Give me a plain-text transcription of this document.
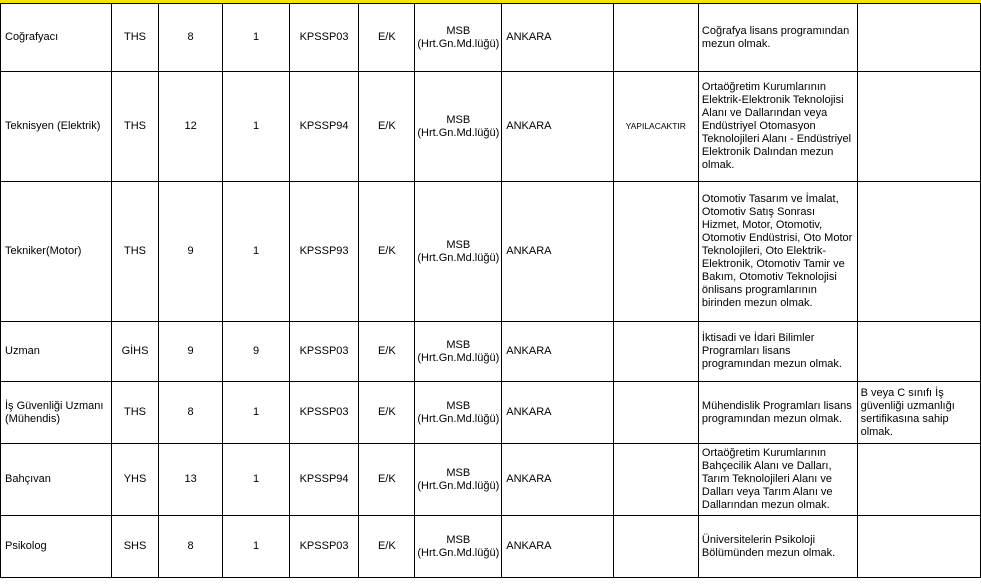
Coğrafyacı	THS	8	1	KPSSP03	E/K	MSB (Hrt.Gn.Md.lüğü)	ANKARA		Coğrafya lisans programından mezun olmak.	
Teknisyen (Elektrik)	THS	12	1	KPSSP94	E/K	MSB (Hrt.Gn.Md.lüğü)	ANKARA	YAPILACAKTIR	Ortaöğretim Kurumlarının Elektrik-Elektronik Teknolojisi Alanı ve Dallarından veya Endüstriyel Otomasyon Teknolojileri Alanı - Endüstriyel Elektronik Dalından mezun olmak.	
Tekniker(Motor)	THS	9	1	KPSSP93	E/K	MSB (Hrt.Gn.Md.lüğü)	ANKARA		Otomotiv Tasarım ve İmalat, Otomotiv Satış Sonrası Hizmet, Motor, Otomotiv, Otomotiv Endüstrisi, Oto Motor Teknolojileri, Oto Elektrik-Elektronik, Otomotiv Tamir ve Bakım, Otomotiv Teknolojisi önlisans programlarının birinden mezun olmak.	
Uzman	GİHS	9	9	KPSSP03	E/K	MSB (Hrt.Gn.Md.lüğü)	ANKARA		İktisadi ve İdari Bilimler Programları lisans programından mezun olmak.	
İş Güvenliği Uzmanı (Mühendis)	THS	8	1	KPSSP03	E/K	MSB (Hrt.Gn.Md.lüğü)	ANKARA		Mühendislik Programları lisans programından mezun olmak.	B veya C sınıfı İş güvenliği uzmanlığı sertifikasına sahip olmak.
Bahçıvan	YHS	13	1	KPSSP94	E/K	MSB (Hrt.Gn.Md.lüğü)	ANKARA		Ortaöğretim Kurumlarının Bahçecilik Alanı ve Dalları, Tarım Teknolojileri Alanı ve Dalları veya Tarım Alanı ve Dallarından mezun olmak.	
Psikolog	SHS	8	1	KPSSP03	E/K	MSB (Hrt.Gn.Md.lüğü)	ANKARA		Üniversitelerin Psikoloji Bölümünden mezun olmak.	
